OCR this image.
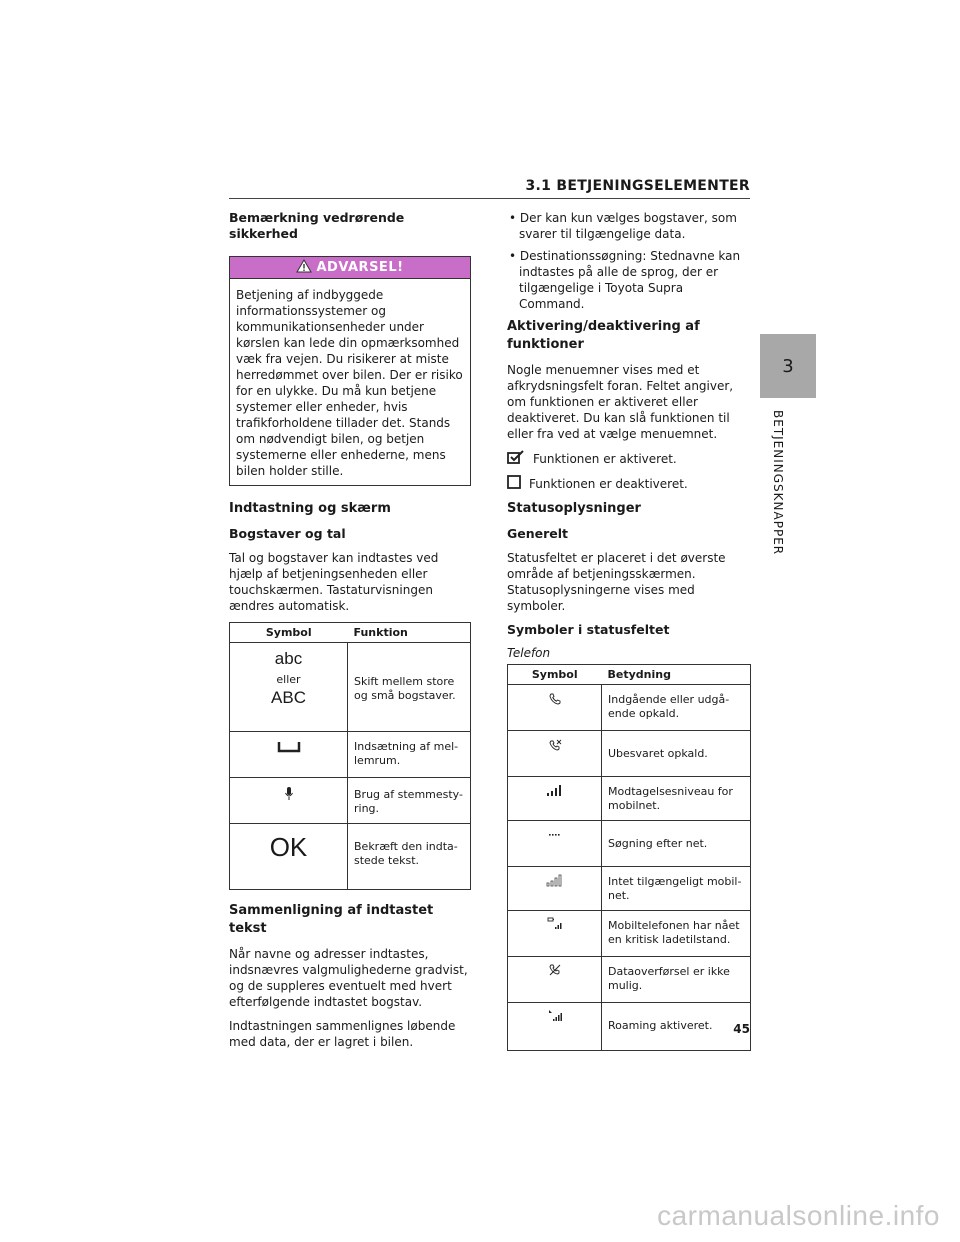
3.1 BETJENINGSELEMENTER
3
BETJENINGSKNAPPER
Bemærkning vedrørende sikkerhed
ADVARSEL!
Betjening af indbyggede informationssystemer og kommunikationsenheder under kørslen kan lede din opmærksomhed væk fra vejen. Du risikerer at miste herredømmet over bilen. Der er risiko for en ulykke. Du må kun betjene systemer eller enheder, hvis trafikforholdene tillader det. Stands om nødvendigt bilen, og betjen systemerne eller enhederne, mens bilen holder stille.
Indtastning og skærm
Bogstaver og tal
Tal og bogstaver kan indtastes ved hjælp af betjeningsenheden eller touchskærmen. Tastaturvisningen ændres automatisk.
Symbol	Funktion

abc
eller
ABC	Skift mellem store og små bogstaver.
	Indsætning af mel-lemrum.
	Brug af stemmesty-ring.

OK	Bekræft den indta-stede tekst.
Sammenligning af indtastet tekst
Når navne og adresser indtastes, indsnævres valgmulighederne gradvist, og de suppleres eventuelt med hvert efterfølgende indtastet bogstav.
Indtastningen sammenlignes løbende med data, der er lagret i bilen.
• Der kan kun vælges bogstaver, som svarer til tilgængelige data.
• Destinationssøgning: Stednavne kan indtastes på alle de sprog, der er tilgængelige i Toyota Supra Command.
Aktivering/deaktivering af funktioner
Nogle menuemner vises med et afkrydsningsfelt foran. Feltet angiver, om funktionen er aktiveret eller deaktiveret. Du kan slå funktionen til eller fra ved at vælge menuemnet.
Funktionen er aktiveret.
Funktionen er deaktiveret.
Statusoplysninger
Generelt
Statusfeltet er placeret i det øverste område af betjeningsskærmen. Statusoplysningerne vises med symboler.
Symboler i statusfeltet
Telefon
Symbol	Betydning
	Indgående eller udgå-ende opkald.
	Ubesvaret opkald.
	Modtagelsesniveau for mobilnet.
	Søgning efter net.
	Intet tilgængeligt mobil-net.
	Mobiltelefonen har nået en kritisk ladetilstand.
	Dataoverførsel er ikke mulig.
	Roaming aktiveret. 45
carmanualsonline.info
